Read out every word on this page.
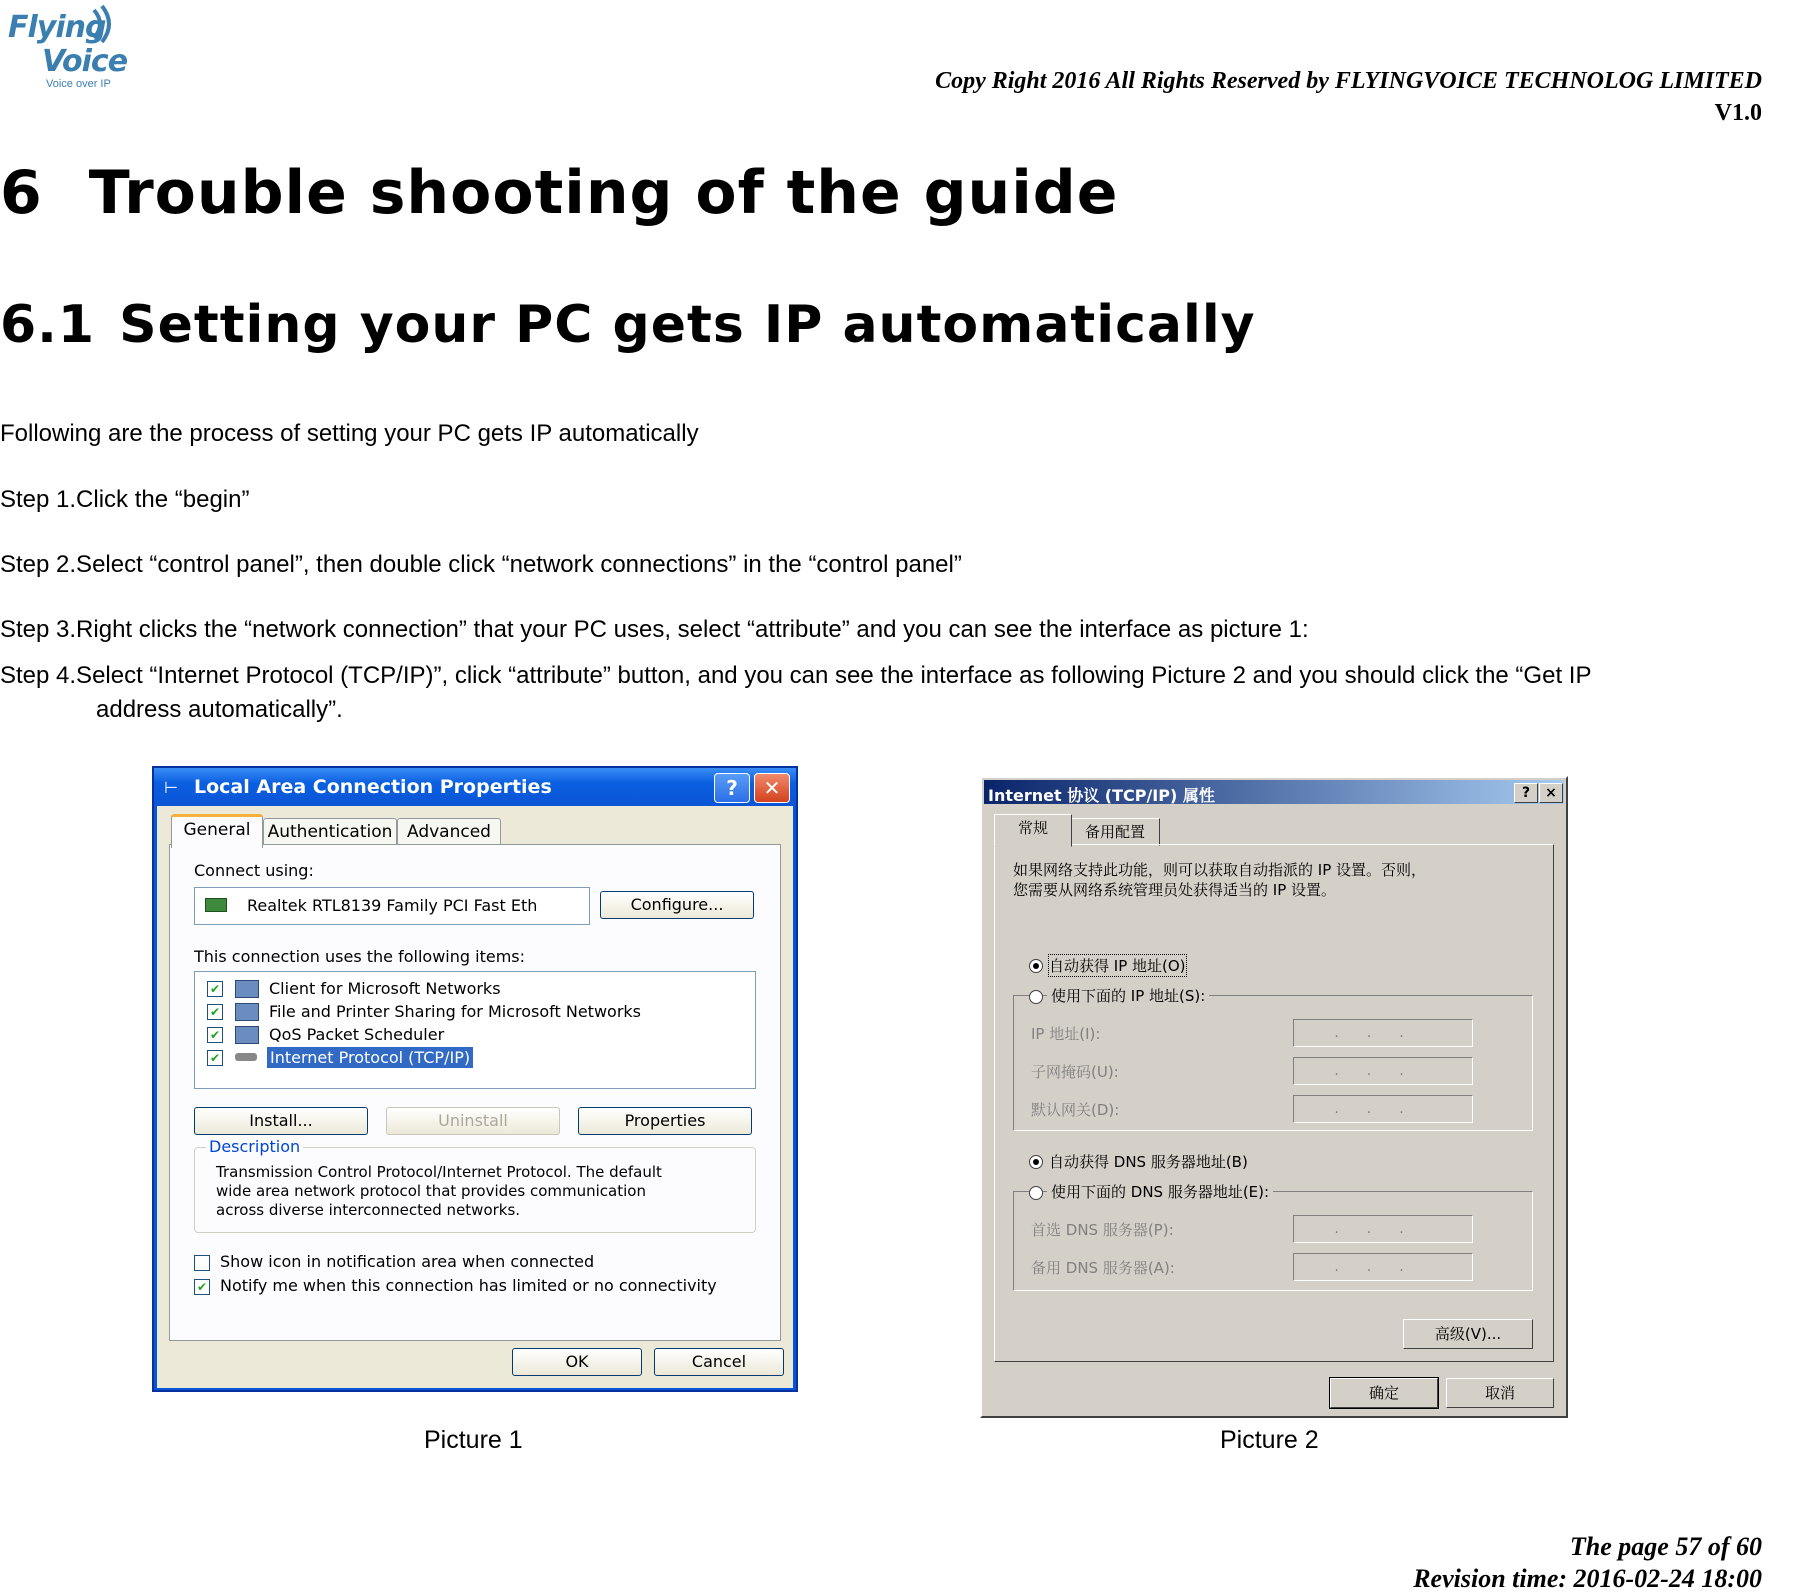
Flying
Voice
Voice over IP	Copy Right 2016 All Rights Reserved by FLYINGVOICE TECHNOLOG LIMITED
V1.0
6 Trouble shooting of the guide
6.1 Setting your PC gets IP automatically
Following are the process of setting your PC gets IP automatically
Step 1.Click the “begin”
Step 2.Select “control panel”, then double click “network connections” in the “control panel”
Step 3.Right clicks the “network connection” that your PC uses, select “attribute” and you can see the interface as picture 1:
Step 4.Select “Internet Protocol (TCP/IP)”, click “attribute” button, and you can see the interface as following Picture 2 and you should click the “Get IP
address automatically”.
⊢ Local Area Connection Properties	?	✕
General	Authentication Advanced
Connect using:
Realtek RTL8139 Family PCI Fast Eth	Configure...
This connection uses the following items:
✔	Client for Microsoft Networks
✔	File and Printer Sharing for Microsoft Networks
✔	QoS Packet Scheduler
✔	Internet Protocol (TCP/IP)
Install...	Uninstall	Properties
Description
Transmission Control Protocol/Internet Protocol. The default
wide area network protocol that provides communication
across diverse interconnected networks.
Show icon in notification area when connected
✔ Notify me when this connection has limited or no connectivity
OK	Cancel
Picture 1
Internet 协议 (TCP/IP) 属性	?	×
常规	备用配置
如果网络支持此功能，则可以获取自动指派的 IP 设置。否则，
您需要从网络系统管理员处获得适当的 IP 设置。
自动获得 IP 地址(O)
使用下面的 IP 地址(S):
IP 地址(I):	...
子网掩码(U):	...
默认网关(D):	...
自动获得 DNS 服务器地址(B)
使用下面的 DNS 服务器地址(E):
首选 DNS 服务器(P):	...
备用 DNS 服务器(A):	...
高级(V)...
确定	取消
Picture 2
The page 57 of 60
Revision time: 2016-02-24 18:00
